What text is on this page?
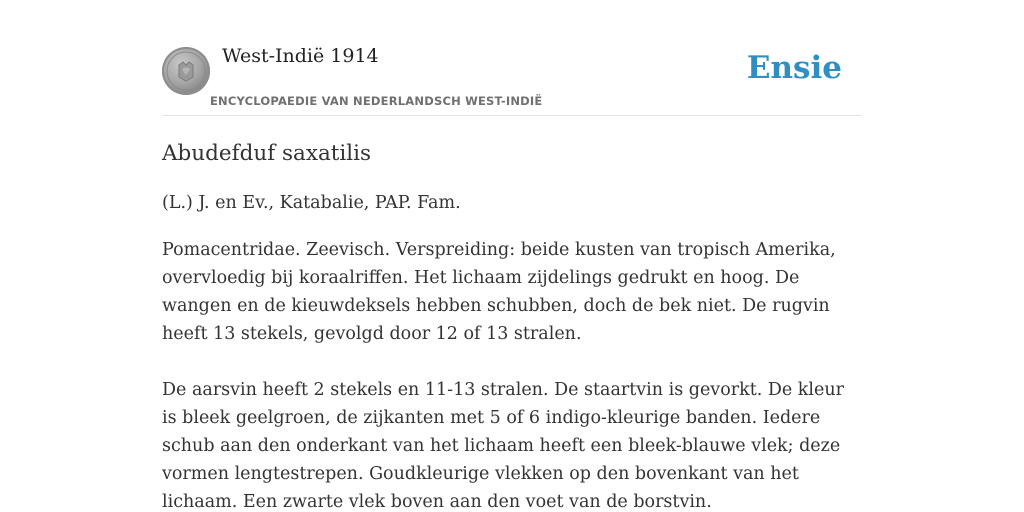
West-Indië 1914
ENCYCLOPAEDIE VAN NEDERLANDSCH WEST-INDIË
Ensie
Abudefduf saxatilis

(L.) J. en Ev., Katabalie, PAP. Fam.

Pomacentridae. Zeevisch. Verspreiding: beide kusten van tropisch Amerika, overvloedig bij koraalriffen. Het lichaam zijdelings gedrukt en hoog. De wangen en de kieuwdeksels hebben schubben, doch de bek niet. De rugvin heeft 13 stekels, gevolgd door 12 of 13 stralen.

De aarsvin heeft 2 stekels en 11-13 stralen. De staartvin is gevorkt. De kleur is bleek geelgroen, de zijkanten met 5 of 6 indigo-kleurige banden. Iedere schub aan den onderkant van het lichaam heeft een bleek-blauwe vlek; deze vormen lengtestrepen. Goudkleurige vlekken op den bovenkant van het lichaam. Een zwarte vlek boven aan den voet van de borstvin.
